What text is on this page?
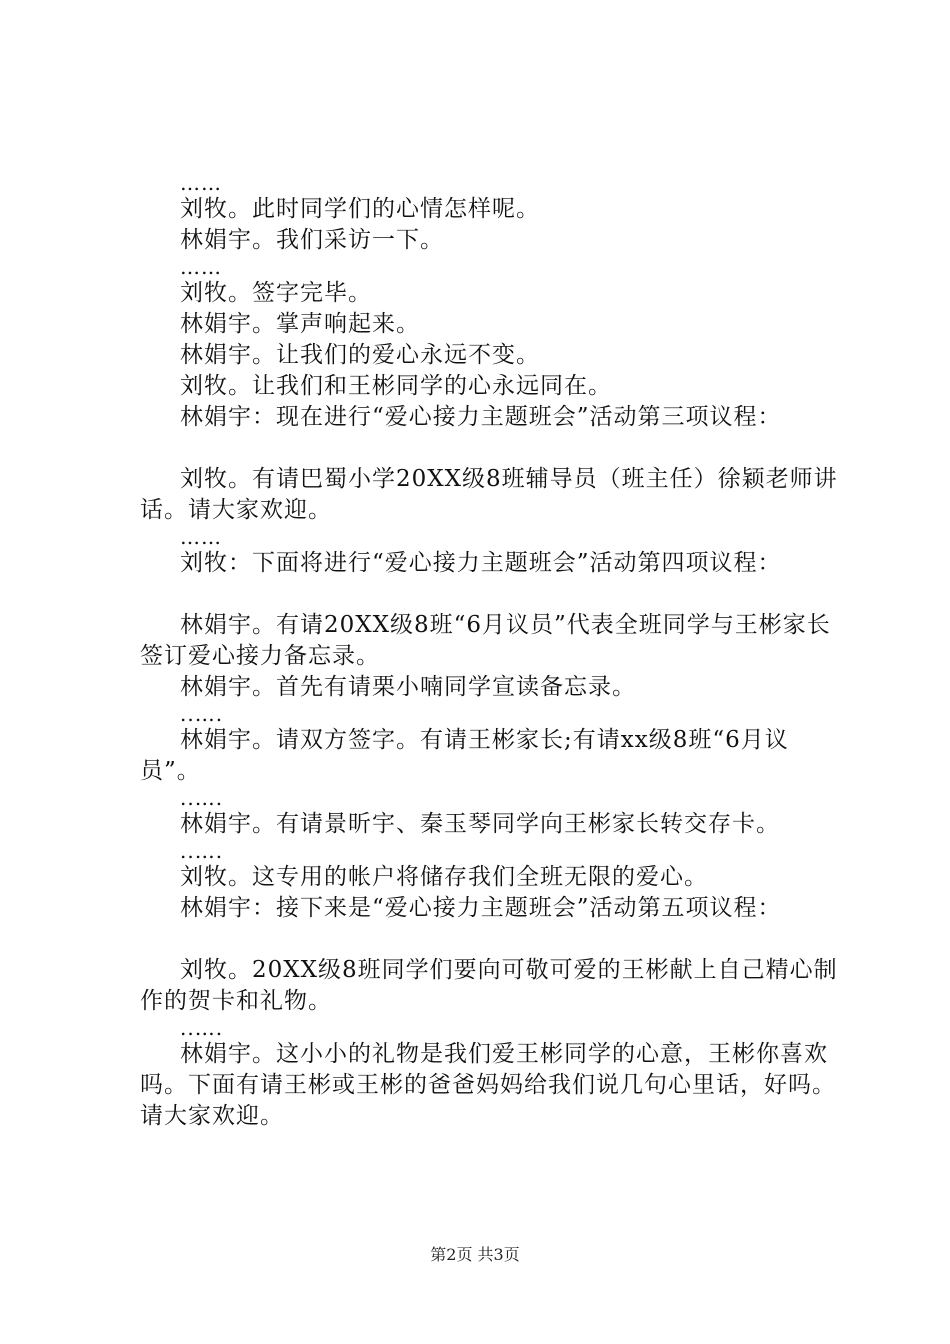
……

刘牧。此时同学们的心情怎样呢。

林娟宇。我们采访一下。

……

刘牧。签字完毕。

林娟宇。掌声响起来。

林娟宇。让我们的爱心永远不变。

刘牧。让我们和王彬同学的心永远同在。

林娟宇：现在进行“爱心接力主题班会”活动第三项议程：

刘牧。有请巴蜀小学20XX级8班辅导员（班主任）徐颖老师讲话。请大家欢迎。

……

刘牧：下面将进行“爱心接力主题班会”活动第四项议程：

林娟宇。有请20XX级8班“6月议员”代表全班同学与王彬家长签订爱心接力备忘录。

林娟宇。首先有请栗小喃同学宣读备忘录。

..….

林娟宇。请双方签字。有请王彬家长;有请xx级8班“6月议员”。

..….

林娟宇。有请景昕宇、秦玉琴同学向王彬家长转交存卡。

..….

刘牧。这专用的帐户将储存我们全班无限的爱心。

林娟宇：接下来是“爱心接力主题班会”活动第五项议程：

刘牧。20XX级8班同学们要向可敬可爱的王彬献上自己精心制作的贺卡和礼物。

..….

林娟宇。这小小的礼物是我们爱王彬同学的心意，王彬你喜欢吗。下面有请王彬或王彬的爸爸妈妈给我们说几句心里话，好吗。请大家欢迎。

第2页 共3页
